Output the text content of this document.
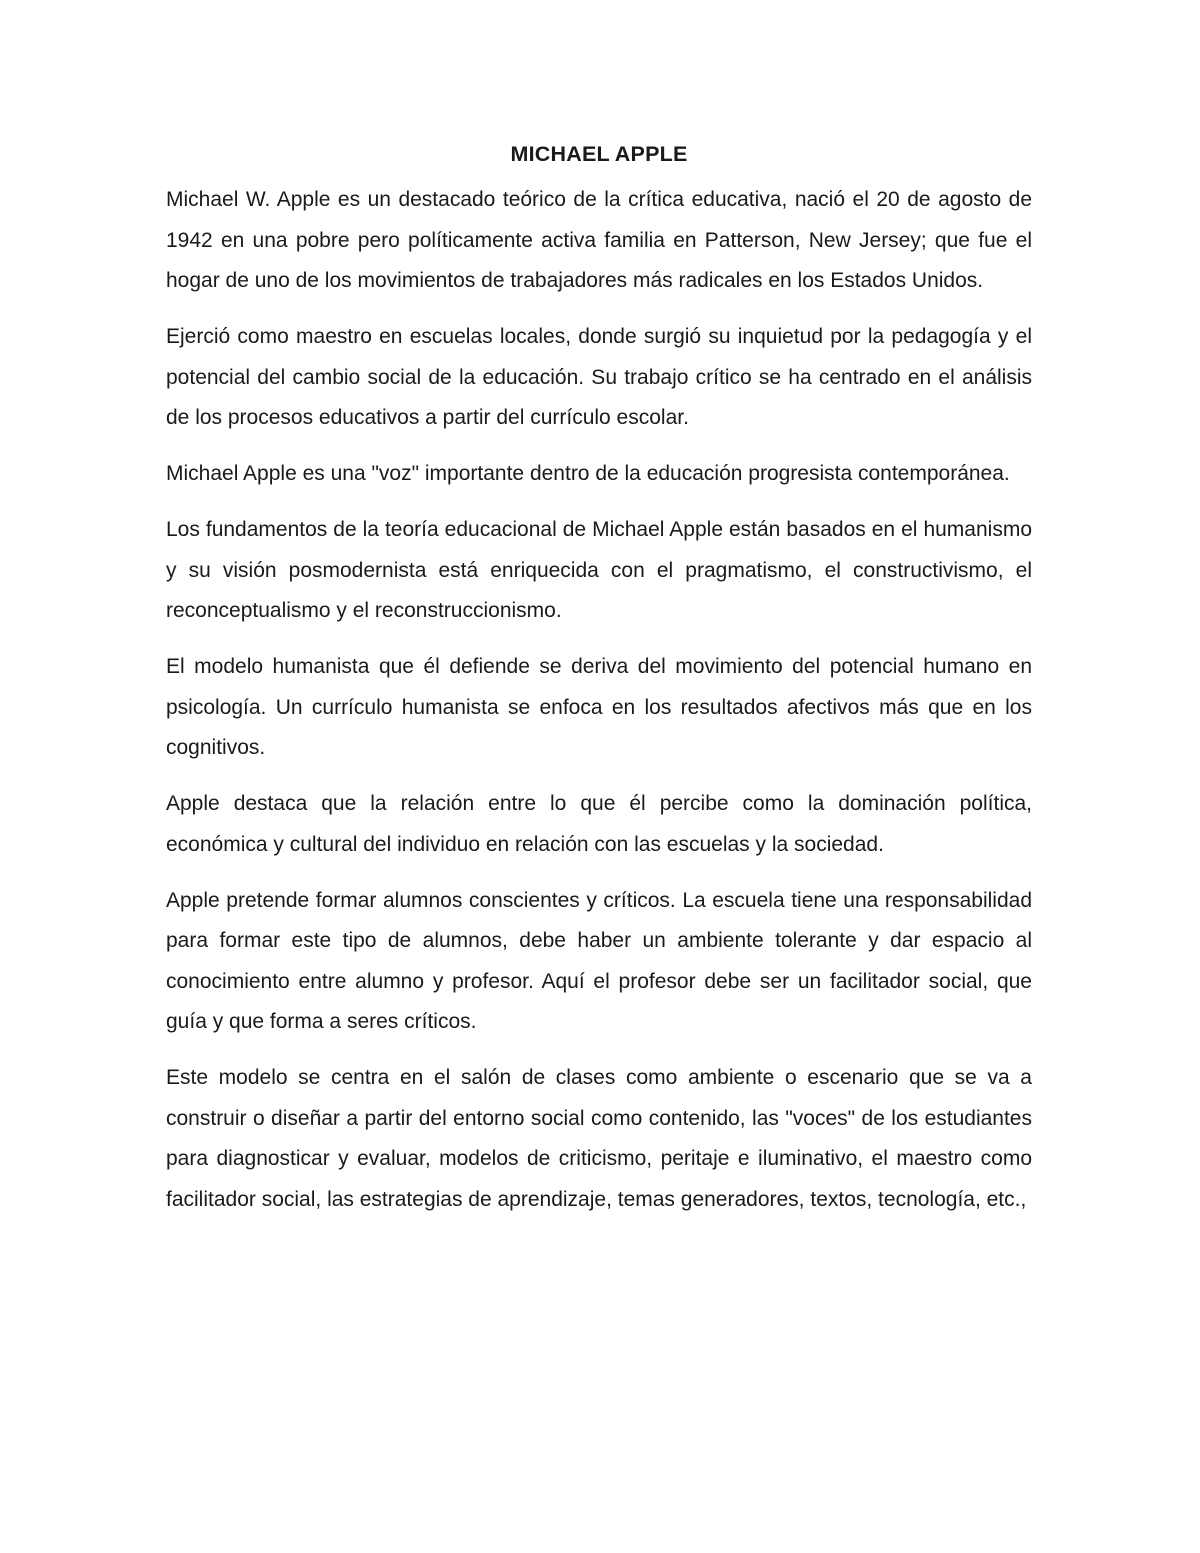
MICHAEL APPLE

Michael W. Apple es un destacado teórico de la crítica educativa, nació el 20 de agosto de 1942 en una pobre pero políticamente activa familia en Patterson, New Jersey; que fue el hogar de uno de los movimientos de trabajadores más radicales en los Estados Unidos.

Ejerció como maestro en escuelas locales, donde surgió su inquietud por la pedagogía y el potencial del cambio social de la educación. Su trabajo crítico se ha centrado en el análisis de los procesos educativos a partir del currículo escolar.

Michael Apple es una "voz" importante dentro de la educación progresista contemporánea.

Los fundamentos de la teoría educacional de Michael Apple están basados en el humanismo y su visión posmodernista está enriquecida con el pragmatismo, el constructivismo, el reconceptualismo y el reconstruccionismo.

El modelo humanista que él defiende se deriva del movimiento del potencial humano en psicología. Un currículo humanista se enfoca en los resultados afectivos más que en los cognitivos.

Apple destaca que la relación entre lo que él percibe como la dominación política, económica y cultural del individuo en relación con las escuelas y la sociedad.

Apple pretende formar alumnos conscientes y críticos. La escuela tiene una responsabilidad para formar este tipo de alumnos, debe haber un ambiente tolerante y dar espacio al conocimiento entre alumno y profesor. Aquí el profesor debe ser un facilitador social, que guía y que forma a seres críticos.

Este modelo se centra en el salón de clases como ambiente o escenario que se va a construir o diseñar a partir del entorno social como contenido, las "voces" de los estudiantes para diagnosticar y evaluar, modelos de criticismo, peritaje e iluminativo, el maestro como facilitador social, las estrategias de aprendizaje, temas generadores, textos, tecnología, etc.,
